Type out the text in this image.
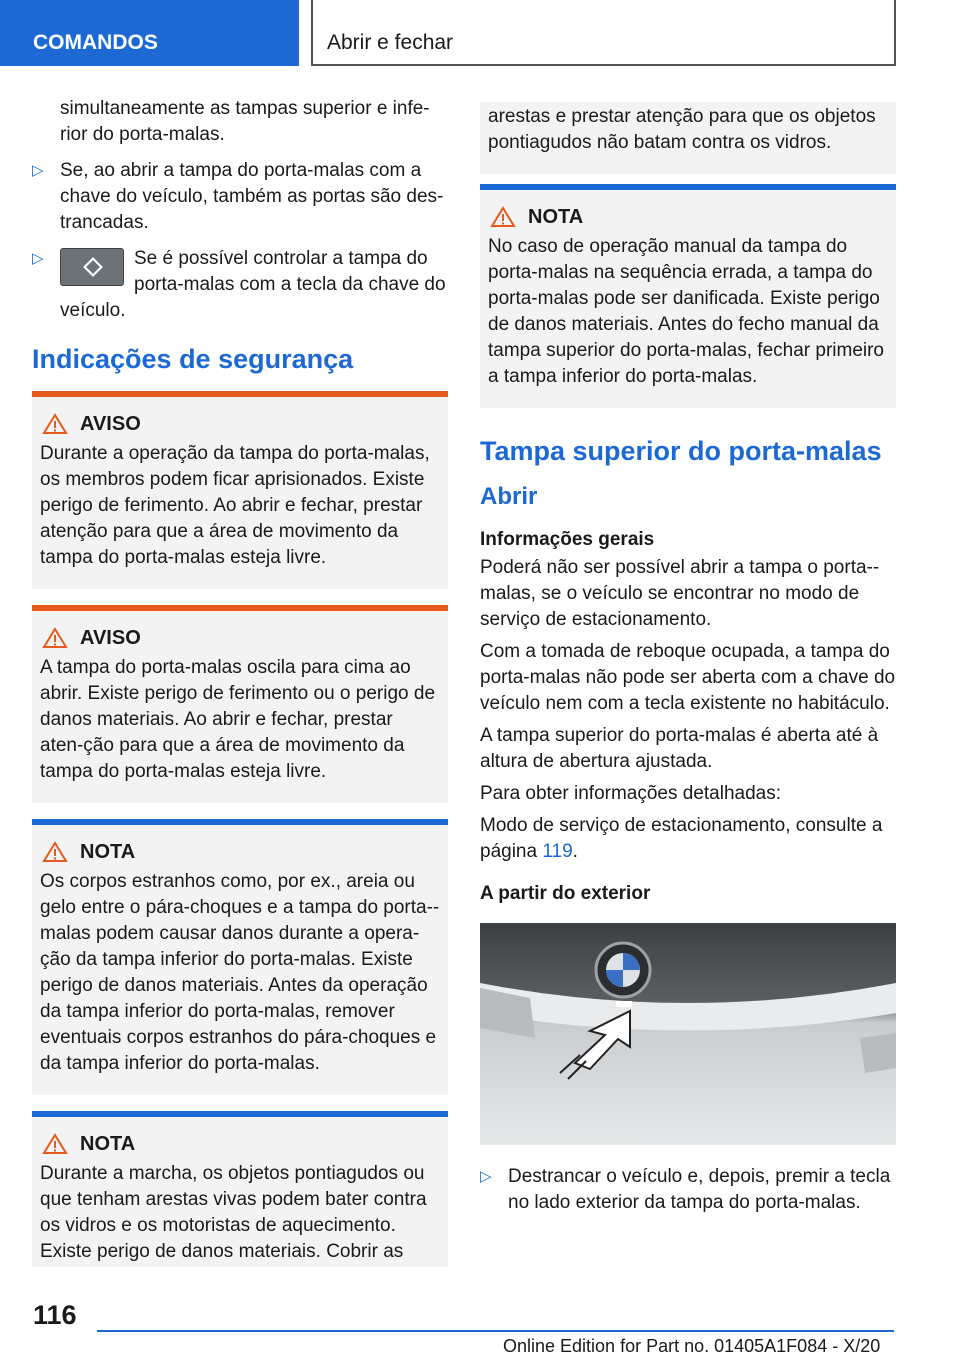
COMANDOS	Abrir e fechar

simultaneamente as tampas superior e infe-rior do porta-malas.

▷ Se, ao abrir a tampa do porta-malas com a chave do veículo, também as portas são des-trancadas.
▷	Se é possível controlar a tampa do porta-malas com a tecla da chave do veículo.
Indicações de segurança
AVISO
Durante a operação da tampa do porta-malas, os membros podem ficar aprisionados. Existe perigo de ferimento. Ao abrir e fechar, prestar atenção para que a área de movimento da tampa do porta-malas esteja livre.
AVISO
A tampa do porta-malas oscila para cima ao abrir. Existe perigo de ferimento ou o perigo de danos materiais. Ao abrir e fechar, prestar aten-ção para que a área de movimento da tampa do porta-malas esteja livre.
NOTA
Os corpos estranhos como, por ex., areia ou gelo entre o pára-choques e a tampa do porta--malas podem causar danos durante a opera-ção da tampa inferior do porta-malas. Existe perigo de danos materiais. Antes da operação da tampa inferior do porta-malas, remover eventuais corpos estranhos do pára-choques e da tampa inferior do porta-malas.
NOTA
Durante a marcha, os objetos pontiagudos ou que tenham arestas vivas podem bater contra os vidros e os motoristas de aquecimento. Existe perigo de danos materiais. Cobrir as
arestas e prestar atenção para que os objetos pontiagudos não batam contra os vidros.
NOTA
No caso de operação manual da tampa do porta-malas na sequência errada, a tampa do porta-malas pode ser danificada. Existe perigo de danos materiais. Antes do fecho manual da tampa superior do porta-malas, fechar primeiro a tampa inferior do porta-malas.
Tampa superior do porta-malas
Abrir
Informações gerais

Poderá não ser possível abrir a tampa o porta--malas, se o veículo se encontrar no modo de serviço de estacionamento.

Com a tomada de reboque ocupada, a tampa do porta-malas não pode ser aberta com a chave do veículo nem com a tecla existente no habitáculo.

A tampa superior do porta-malas é aberta até à altura de abertura ajustada.

Para obter informações detalhadas:

Modo de serviço de estacionamento, consulte a página 119.

A partir do exterior
▷ Destrancar o veículo e, depois, premir a tecla no lado exterior da tampa do porta-malas.
116
Online Edition for Part no. 01405A1F084 - X/20
